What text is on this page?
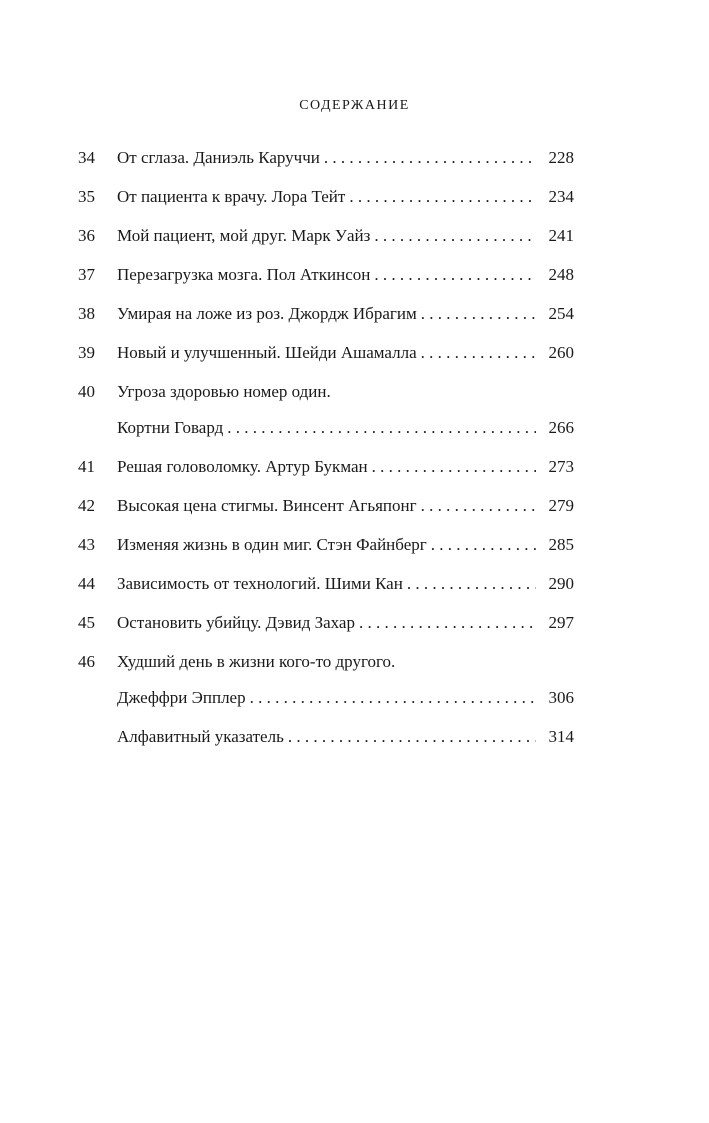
СОДЕРЖАНИЕ
34	От сглаза. Даниэль Каруччи . . .	228
35	От пациента к врачу. Лора Тейт . . .	234
36	Мой пациент, мой друг. Марк Уайз . . .	241
37	Перезагрузка мозга. Пол Аткинсон . . .	248
38	Умирая на ложе из роз. Джордж Ибрагим . . .	254
39	Новый и улучшенный. Шейди Ашамалла . . .	260
40	Угроза здоровью номер один.
Кортни Говард . . .	266
41	Решая головоломку. Артур Букман . . .	273
42	Высокая цена стигмы. Винсент Агьяпонг . . .	279
43	Изменяя жизнь в один миг. Стэн Файнберг . . .	285
44	Зависимость от технологий. Шими Кан . . .	290
45	Остановить убийцу. Дэвид Захар . . .	297
46	Худший день в жизни кого-то другого.
Джеффри Эпплер . . .	306
Алфавитный указатель . . .	314
